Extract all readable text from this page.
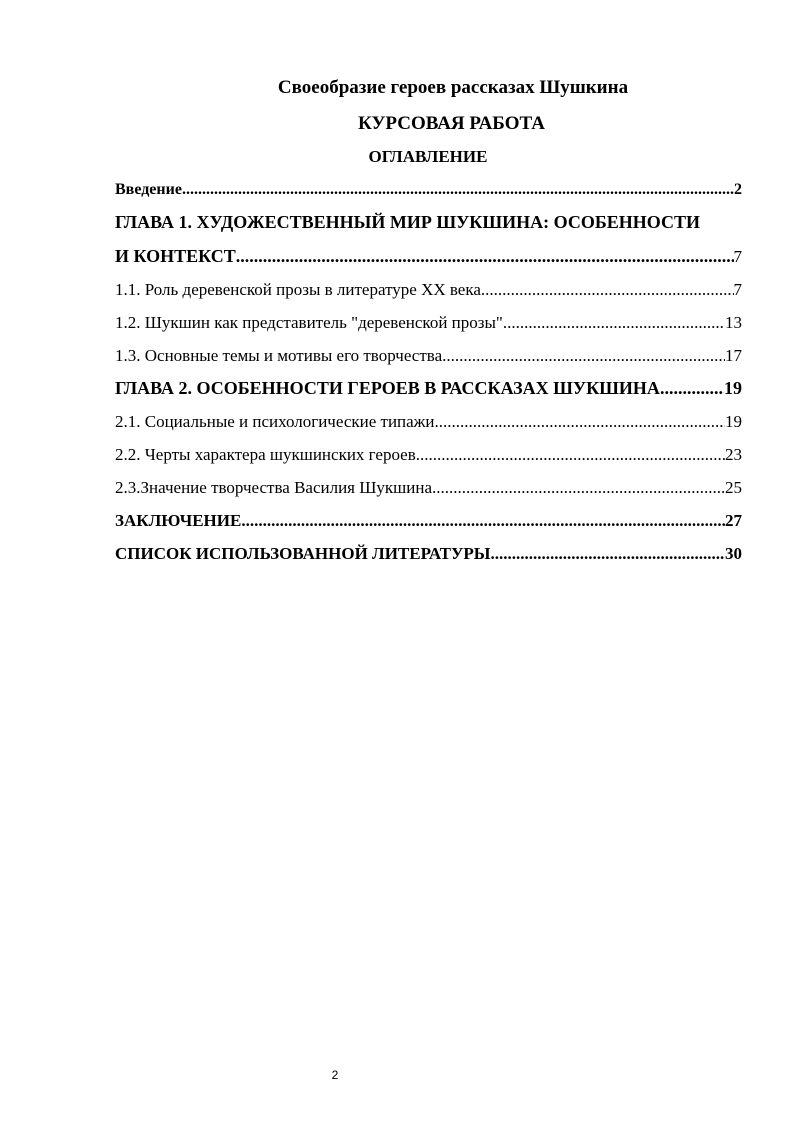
Своеобразие героев рассказах Шушкина
КУРСОВАЯ РАБОТА
ОГЛАВЛЕНИЕ
Введение .....	2
ГЛАВА 1. ХУДОЖЕСТВЕННЫЙ МИР ШУКШИНА: ОСОБЕННОСТИ
И КОНТЕКСТ .....	7
1.1. Роль деревенской прозы в литературе XX века .....	7
1.2. Шукшин как представитель "деревенской прозы" .....	13
1.3. Основные темы и мотивы его творчества .....	17
ГЛАВА 2. ОСОБЕННОСТИ ГЕРОЕВ В РАССКАЗАХ ШУКШИНА .....	19
2.1. Социальные и психологические типажи .....	19
2.2. Черты характера шукшинских героев .....	23
2.3.Значение творчества Василия Шукшина .....	25
ЗАКЛЮЧЕНИЕ .....	27
СПИСОК ИСПОЛЬЗОВАННОЙ ЛИТЕРАТУРЫ .....	30
2
